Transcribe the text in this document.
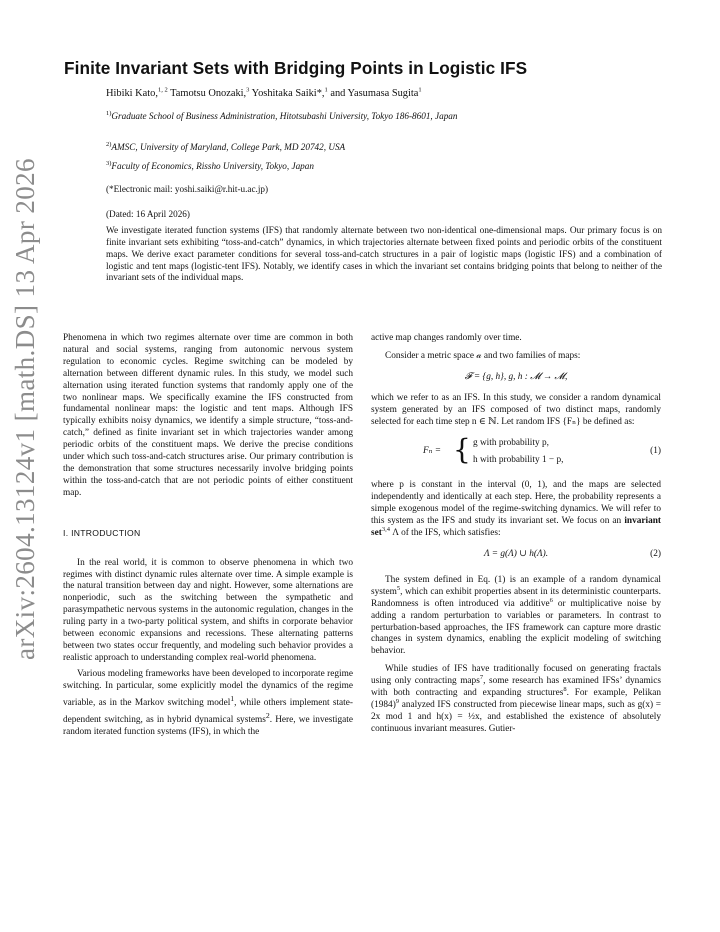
arXiv:2604.13124v1 [math.DS] 13 Apr 2026
Finite Invariant Sets with Bridging Points in Logistic IFS
Hibiki Kato,$^{1, 2}$ Tamotsu Onozaki,$^3$ Yoshitaka Saiki*,$^1$ and Yasumasa Sugita$^1$
$^{1)}$Graduate School of Business Administration, Hitotsubashi University, Tokyo 186-8601, Japan
$^{2)}$AMSC, University of Maryland, College Park, MD 20742, USA
$^{3)}$Faculty of Economics, Rissho University, Tokyo, Japan
(*Electronic mail: yoshi.saiki@r.hit-u.ac.jp)
(Dated: 16 April 2026)
We investigate iterated function systems (IFS) that randomly alternate between two non-identical one-dimensional maps. Our primary focus is on finite invariant sets exhibiting “toss-and-catch” dynamics, in which trajectories alternate between fixed points and periodic orbits of the constituent maps. We derive exact parameter conditions for several toss-and-catch structures in a pair of logistic maps (logistic IFS) and a combination of logistic and tent maps (logistic-tent IFS). Notably, we identify cases in which the invariant set contains bridging points that belong to neither of the invariant sets of the individual maps.

Phenomena in which two regimes alternate over time are common in both natural and social systems, ranging from autonomic nervous system regulation to economic cycles. Regime switching can be modeled by alternation between different dynamic rules. In this study, we model such alternation using iterated function systems that randomly apply one of the two nonlinear maps. We specifically examine the IFS constructed from fundamental nonlinear maps: the logistic and tent maps. Although IFS typically exhibits noisy dynamics, we identify a simple structure, “toss-and-catch,” defined as finite invariant set in which trajectories wander among periodic orbits of the constituent maps. We derive the precise conditions under which such toss-and-catch structures arise. Our primary contribution is the demonstration that some structures necessarily involve bridging points within the toss-and-catch that are not periodic points of either constituent map.

I. INTRODUCTION

In the real world, it is common to observe phenomena in which two regimes with distinct dynamic rules alternate over time. A simple example is the natural transition between day and night. However, some alternations are nonperiodic, such as the switching between the sympathetic and parasympathetic nervous systems in the autonomic regulation, changes in the ruling party in a two-party political system, and shifts in corporate behavior between economic expansions and recessions. These alternating patterns between two states occur frequently, and modeling such behavior provides a realistic approach to understanding complex real-world phenomena.

Various modeling frameworks have been developed to incorporate regime switching. In particular, some explicitly model the dynamics of the regime variable, as in the Markov switching model$^1$, while others implement state-dependent switching, as in hybrid dynamical systems$^2$. Here, we investigate random iterated function systems (IFS), in which the

active map changes randomly over time.

Consider a metric space 𝒶 and two families of maps:

𝓕 = {g, h}, g, h : 𝓜 → 𝓜,

which we refer to as an IFS. In this study, we consider a random dynamical system generated by an IFS composed of two distinct maps, randomly selected for each time step n ∈ ℕ. Let random IFS {Fₙ} be defined as:

Fₙ = { g with probability p,
h with probability 1 − p,
(1)

where p is constant in the interval (0, 1), and the maps are selected independently and identically at each step. Here, the probability represents a simple exogenous model of the regime-switching dynamics. We will refer to this system as the IFS and study its invariant set. We focus on an invariant set$^{3,4}$ Λ of the IFS, which satisfies:

Λ = g(Λ) ∪ h(Λ).	(2)

The system defined in Eq. (1) is an example of a random dynamical system$^5$, which can exhibit properties absent in its deterministic counterparts. Randomness is often introduced via additive$^6$ or multiplicative noise by adding a random perturbation to variables or parameters. In contrast to perturbation-based approaches, the IFS framework can capture more drastic changes in system dynamics, enabling the explicit modeling of switching behavior.

While studies of IFS have traditionally focused on generating fractals using only contracting maps$^7$, some research has examined IFSs’ dynamics with both contracting and expanding structures$^8$. For example, Pelikan $(1984)^9$ analyzed IFS constructed from piecewise linear maps, such as g(x) = 2x mod 1 and h(x) = ½x, and established the existence of absolutely continuous invariant measures. Gutier-
